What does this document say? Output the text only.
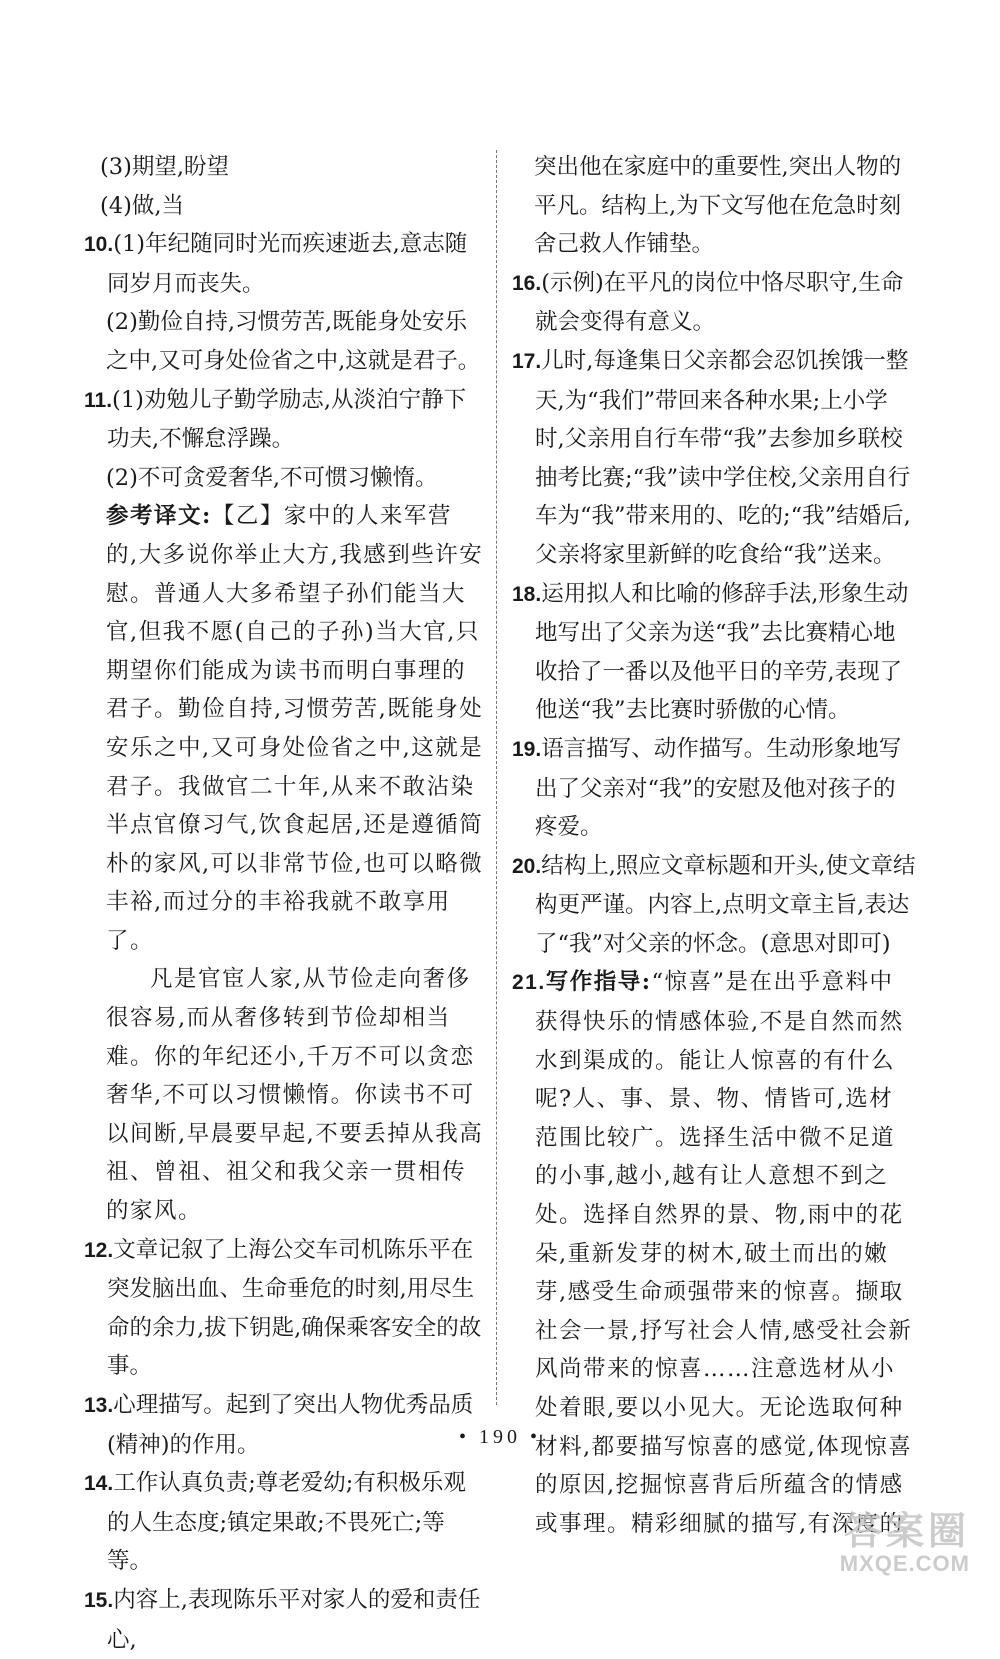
(3)期望,盼望

(4)做,当

10.(1)年纪随同时光而疾速逝去,意志随同岁月而丧失。

(2)勤俭自持,习惯劳苦,既能身处安乐之中,又可身处俭省之中,这就是君子。

11.(1)劝勉儿子勤学励志,从淡泊宁静下功夫,不懈怠浮躁。

(2)不可贪爱奢华,不可惯习懒惰。

参考译文:【乙】家中的人来军营的,大多说你举止大方,我感到些许安慰。普通人大多希望子孙们能当大官,但我不愿(自己的子孙)当大官,只期望你们能成为读书而明白事理的君子。勤俭自持,习惯劳苦,既能身处安乐之中,又可身处俭省之中,这就是君子。我做官二十年,从来不敢沾染半点官僚习气,饮食起居,还是遵循简朴的家风,可以非常节俭,也可以略微丰裕,而过分的丰裕我就不敢享用了。

凡是官宦人家,从节俭走向奢侈很容易,而从奢侈转到节俭却相当难。你的年纪还小,千万不可以贪恋奢华,不可以习惯懒惰。你读书不可以间断,早晨要早起,不要丢掉从我高祖、曾祖、祖父和我父亲一贯相传的家风。

12.文章记叙了上海公交车司机陈乐平在突发脑出血、生命垂危的时刻,用尽生命的余力,拔下钥匙,确保乘客安全的故事。

13.心理描写。起到了突出人物优秀品质(精神)的作用。

14.工作认真负责;尊老爱幼;有积极乐观的人生态度;镇定果敢;不畏死亡;等等。

15.内容上,表现陈乐平对家人的爱和责任心,

突出他在家庭中的重要性,突出人物的平凡。结构上,为下文写他在危急时刻舍己救人作铺垫。

16.(示例)在平凡的岗位中恪尽职守,生命就会变得有意义。

17.儿时,每逢集日父亲都会忍饥挨饿一整天,为“我们”带回来各种水果;上小学时,父亲用自行车带“我”去参加乡联校抽考比赛;“我”读中学住校,父亲用自行车为“我”带来用的、吃的;“我”结婚后,父亲将家里新鲜的吃食给“我”送来。

18.运用拟人和比喻的修辞手法,形象生动地写出了父亲为送“我”去比赛精心地收拾了一番以及他平日的辛劳,表现了他送“我”去比赛时骄傲的心情。

19.语言描写、动作描写。生动形象地写出了父亲对“我”的安慰及他对孩子的疼爱。

20.结构上,照应文章标题和开头,使文章结构更严谨。内容上,点明文章主旨,表达了“我”对父亲的怀念。(意思对即可)

21.写作指导:“惊喜”是在出乎意料中获得快乐的情感体验,不是自然而然水到渠成的。能让人惊喜的有什么呢?人、事、景、物、情皆可,选材范围比较广。选择生活中微不足道的小事,越小,越有让人意想不到之处。选择自然界的景、物,雨中的花朵,重新发芽的树木,破土而出的嫩芽,感受生命顽强带来的惊喜。撷取社会一景,抒写社会人情,感受社会新风尚带来的惊喜……注意选材从小处着眼,要以小见大。无论选取何种材料,都要描写惊喜的感觉,体现惊喜的原因,挖掘惊喜背后所蕴含的情感或事理。精彩细腻的描写,有深度的

• 190 •
答案圈
MXQE.COM
